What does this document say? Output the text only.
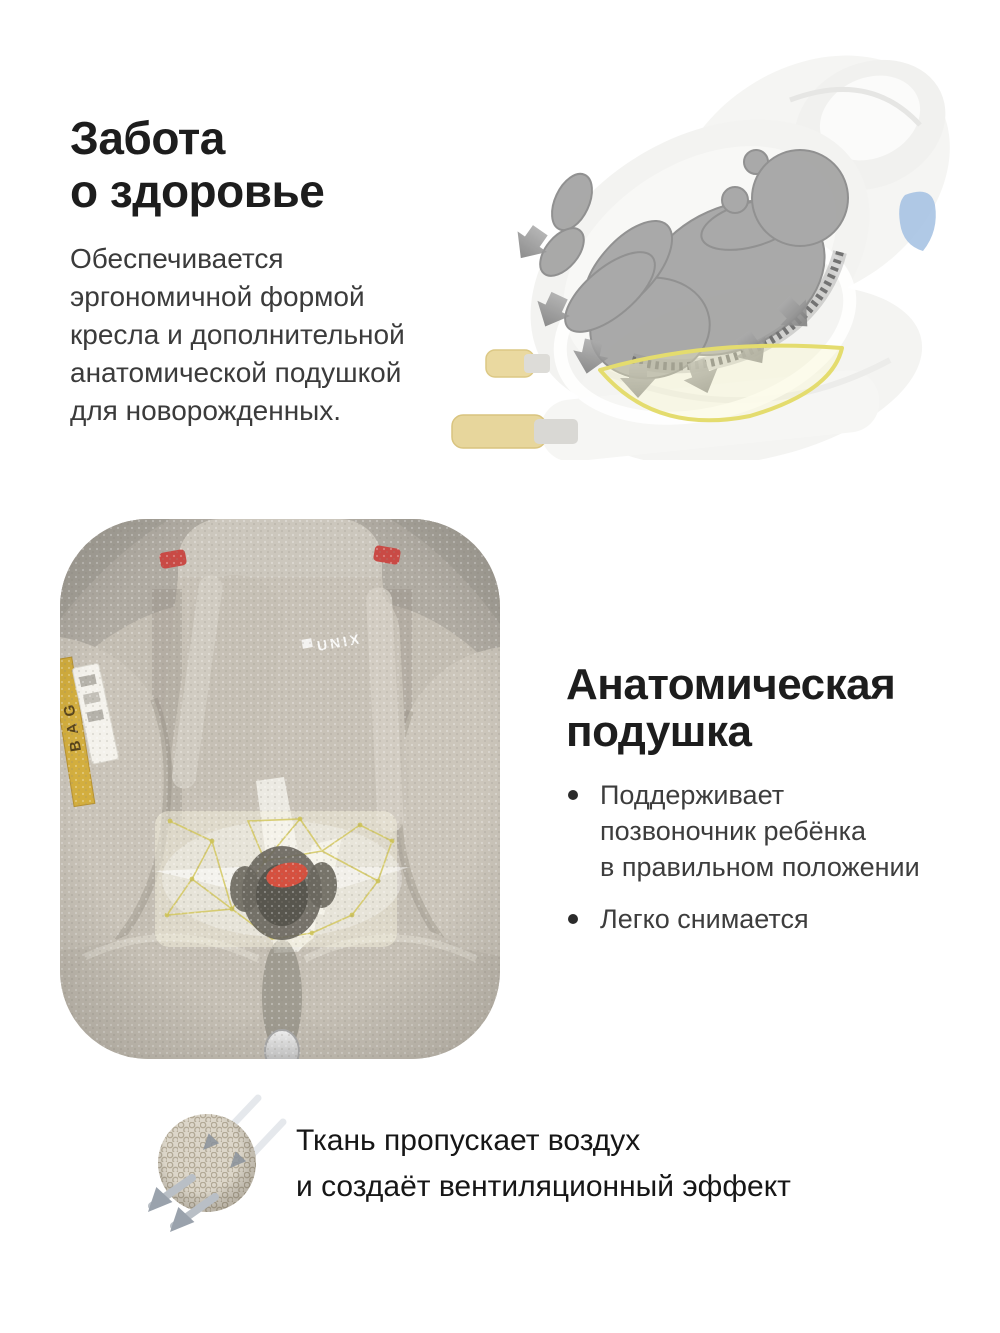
Забота
о здоровье
Обеспечивается
эргономичной формой
кресла и дополнительной
анатомической подушкой
для новорожденных.
Анатомическая
подушка
Поддерживает
позвоночник ребёнка
в правильном положении
Легко снимается
Ткань пропускает воздух
и создаёт вентиляционный эффект
